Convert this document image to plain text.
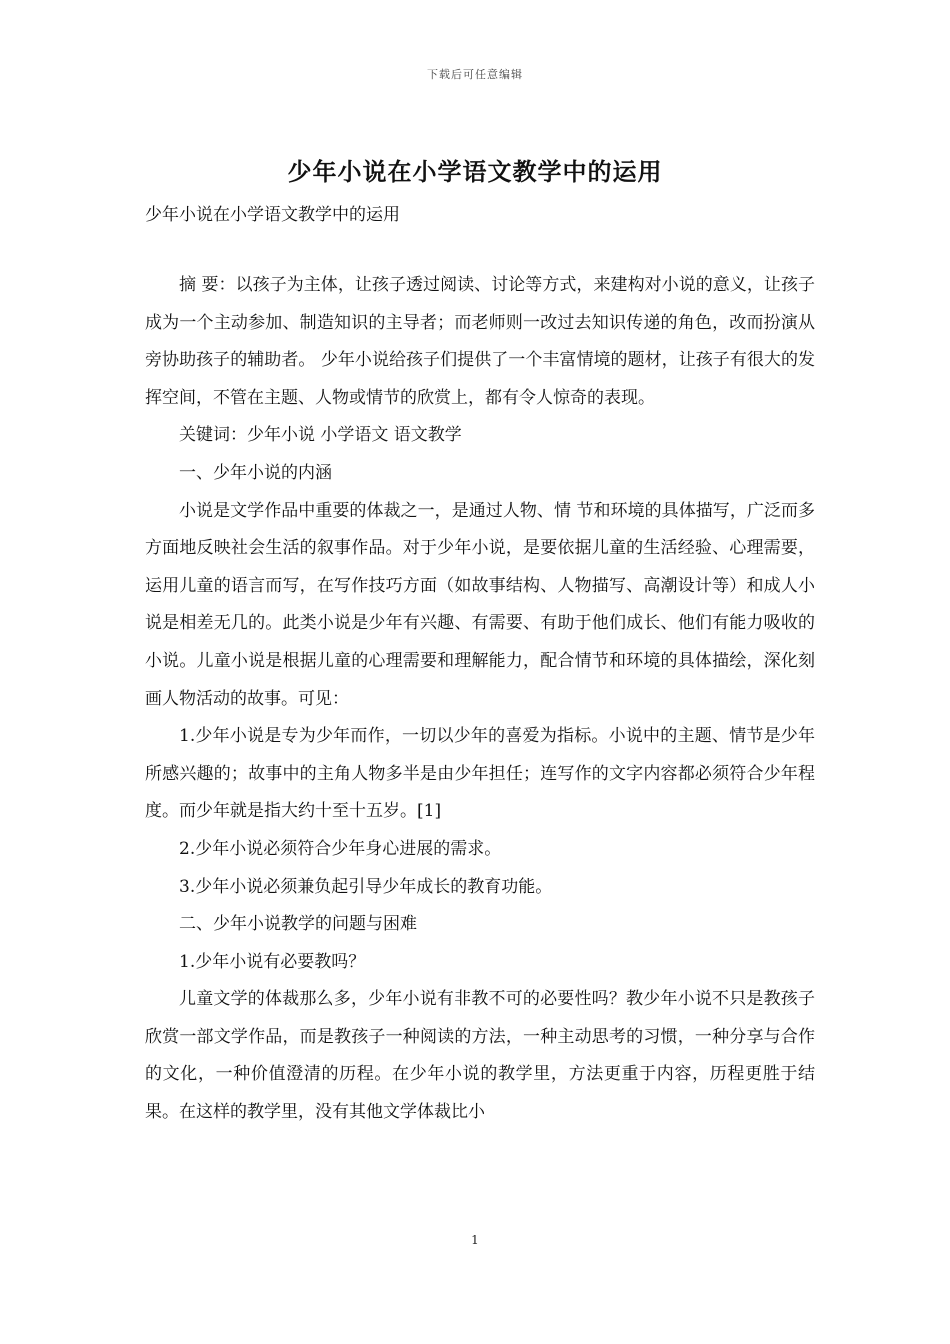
下载后可任意编辑
少年小说在小学语文教学中的运用

少年小说在小学语文教学中的运用

摘 要：以孩子为主体，让孩子透过阅读、讨论等方式，来建构对小说的意义，让孩子成为一个主动参加、制造知识的主导者；而老师则一改过去知识传递的角色，改而扮演从旁协助孩子的辅助者。 少年小说给孩子们提供了一个丰富情境的题材，让孩子有很大的发挥空间，不管在主题、人物或情节的欣赏上，都有令人惊奇的表现。

关键词：少年小说 小学语文 语文教学

一、少年小说的内涵

小说是文学作品中重要的体裁之一，是通过人物、情 节和环境的具体描写，广泛而多方面地反映社会生活的叙事作品。对于少年小说，是要依据儿童的生活经验、心理需要，运用儿童的语言而写，在写作技巧方面（如故事结构、人物描写、高潮设计等）和成人小说是相差无几的。此类小说是少年有兴趣、有需要、有助于他们成长、他们有能力吸收的小说。儿童小说是根据儿童的心理需要和理解能力，配合情节和环境的具体描绘，深化刻画人物活动的故事。可见：

1.少年小说是专为少年而作，一切以少年的喜爱为指标。小说中的主题、情节是少年所感兴趣的；故事中的主角人物多半是由少年担任；连写作的文字内容都必须符合少年程度。而少年就是指大约十至十五岁。[1]

2.少年小说必须符合少年身心进展的需求。

3.少年小说必须兼负起引导少年成长的教育功能。

二、少年小说教学的问题与困难

1.少年小说有必要教吗？

儿童文学的体裁那么多，少年小说有非教不可的必要性吗？教少年小说不只是教孩子欣赏一部文学作品，而是教孩子一种阅读的方法，一种主动思考的习惯，一种分享与合作的文化，一种价值澄清的历程。在少年小说的教学里，方法更重于内容，历程更胜于结果。在这样的教学里，没有其他文学体裁比小

1
